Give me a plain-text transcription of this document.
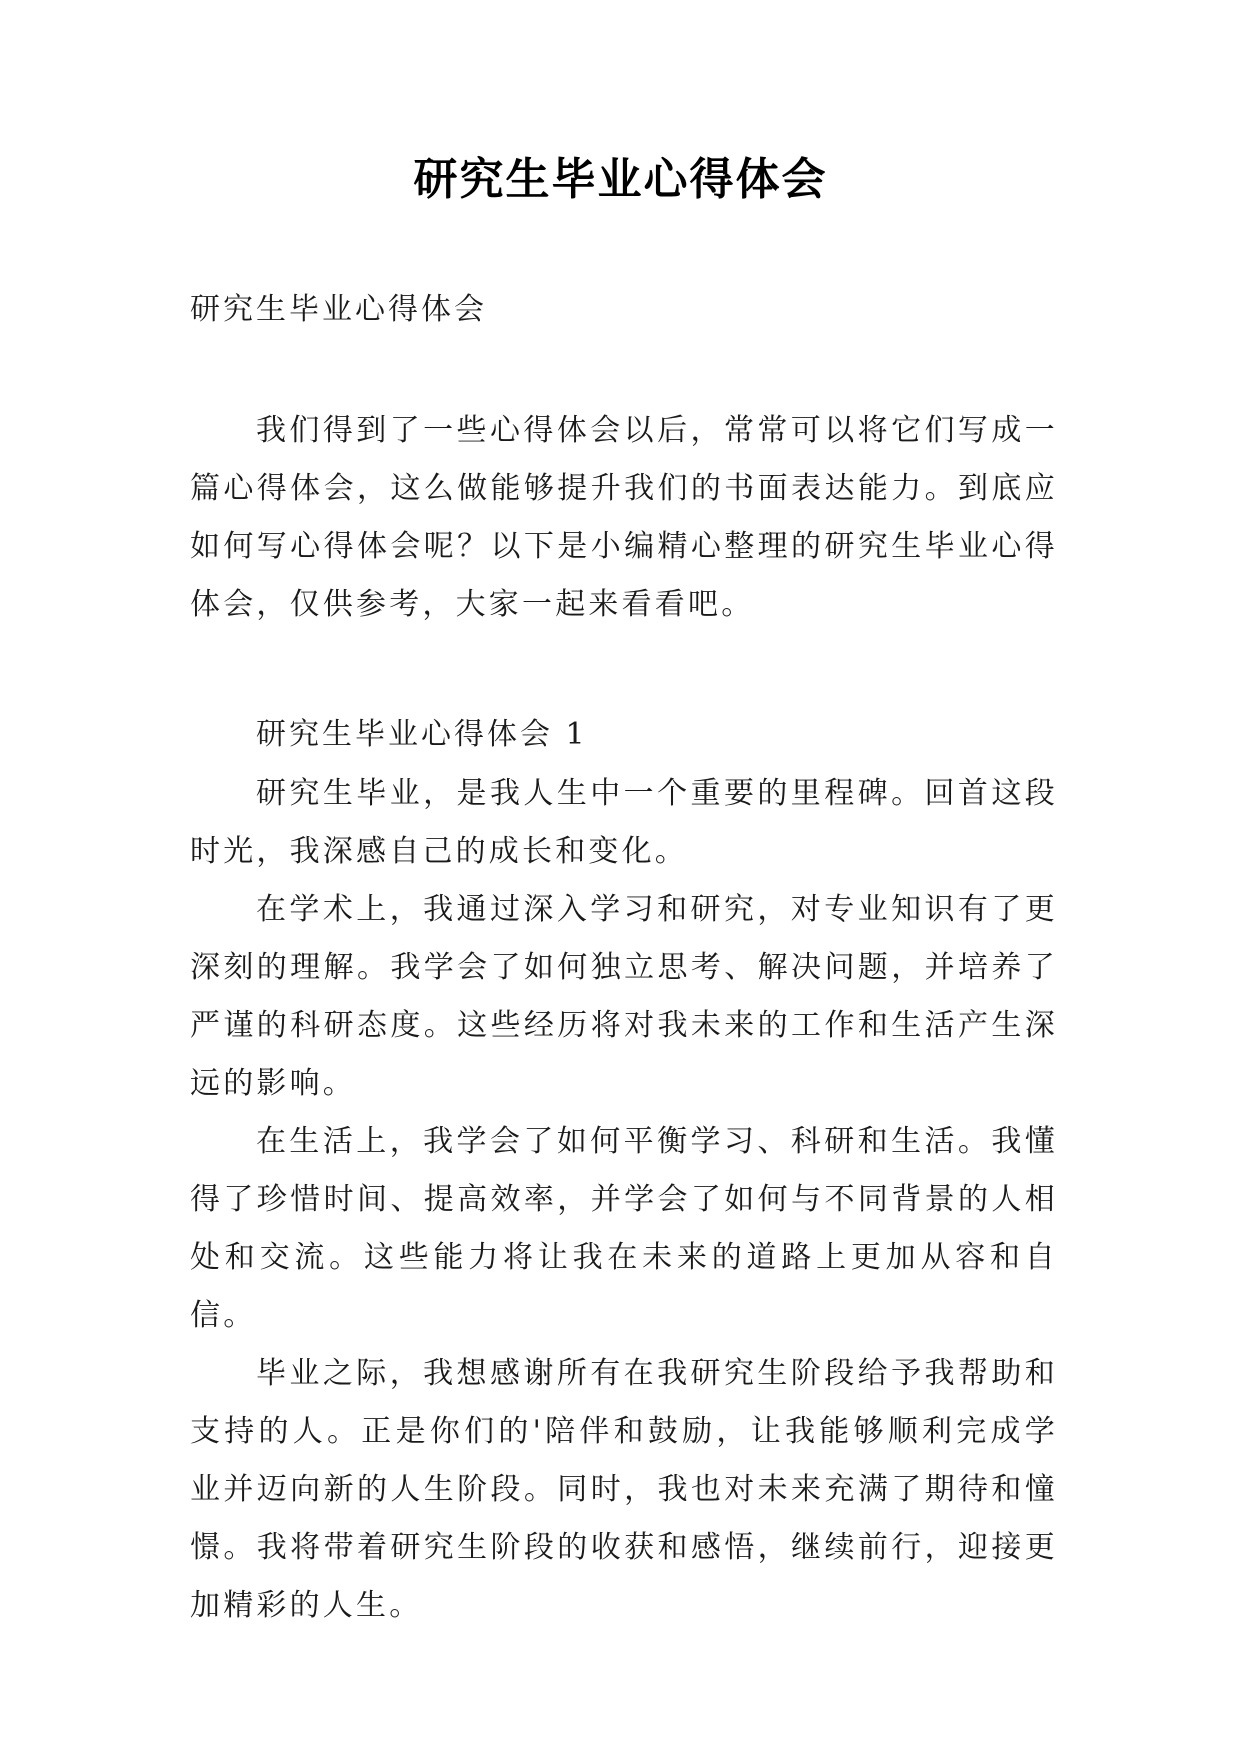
研究生毕业心得体会
研究生毕业心得体会

我们得到了一些心得体会以后，常常可以将它们写成一篇心得体会，这么做能够提升我们的书面表达能力。到底应如何写心得体会呢？以下是小编精心整理的研究生毕业心得体会，仅供参考，大家一起来看看吧。

研究生毕业心得体会 1

研究生毕业，是我人生中一个重要的里程碑。回首这段时光，我深感自己的成长和变化。

在学术上，我通过深入学习和研究，对专业知识有了更深刻的理解。我学会了如何独立思考、解决问题，并培养了严谨的科研态度。这些经历将对我未来的工作和生活产生深远的影响。

在生活上，我学会了如何平衡学习、科研和生活。我懂得了珍惜时间、提高效率，并学会了如何与不同背景的人相处和交流。这些能力将让我在未来的道路上更加从容和自信。

毕业之际，我想感谢所有在我研究生阶段给予我帮助和支持的人。正是你们的'陪伴和鼓励，让我能够顺利完成学业并迈向新的人生阶段。同时，我也对未来充满了期待和憧憬。我将带着研究生阶段的收获和感悟，继续前行，迎接更加精彩的人生。
